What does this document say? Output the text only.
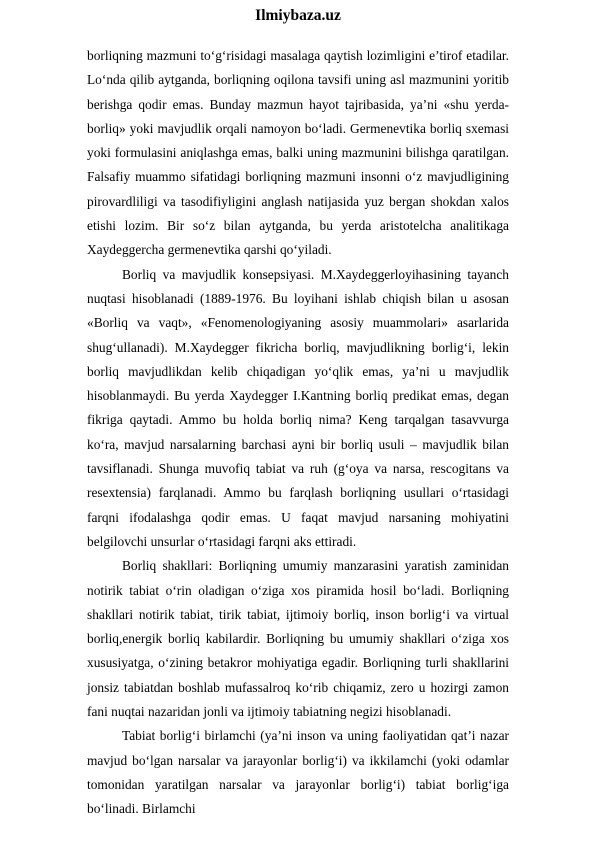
Ilmiybaza.uz

borliqning mazmuni to‘g‘risidagi masalaga qaytish lozimligini e’tirof etadilar. Lo‘nda qilib aytganda, borliqning oqilona tavsifi uning asl mazmunini yoritib berishga qodir emas. Bunday mazmun hayot tajribasida, ya’ni «shu yerda-borliq» yoki mavjudlik orqali namoyon bo‘ladi. Germenevtika borliq sxemasi yoki formulasini aniqlashga emas, balki uning mazmunini bilishga qaratilgan. Falsafiy muammo sifatidagi borliqning mazmuni insonni o‘z mavjudligining pirovardliligi va tasodifiyligini anglash natijasida yuz bergan shokdan xalos etishi lozim. Bir so‘z bilan aytganda, bu yerda aristotelcha analitikaga Xaydeggercha germenevtika qarshi qo‘yiladi.

Borliq va mavjudlik konsepsiyasi. M.Xaydeggerloyihasining tayanch nuqtasi hisoblanadi (1889-1976. Bu loyihani ishlab chiqish bilan u asosan «Borliq va vaqt», «Fenomenologiyaning asosiy muammolari» asarlarida shug‘ullanadi). M.Xaydegger fikricha borliq, mavjudlikning borlig‘i, lekin borliq mavjudlikdan kelib chiqadigan yo‘qlik emas, ya’ni u mavjudlik hisoblanmaydi. Bu yerda Xaydegger I.Kantning borliq predikat emas, degan fikriga qaytadi. Ammo bu holda borliq nima? Keng tarqalgan tasavvurga ko‘ra, mavjud narsalarning barchasi ayni bir borliq usuli – mavjudlik bilan tavsiflanadi. Shunga muvofiq tabiat va ruh (g‘oya va narsa, rescogitans va resextensia) farqlanadi. Ammo bu farqlash borliqning usullari o‘rtasidagi farqni ifodalashga qodir emas. U faqat mavjud narsaning mohiyatini belgilovchi unsurlar o‘rtasidagi farqni aks ettiradi.

Borliq shakllari: Borliqning umumiy manzarasini yaratish zaminidan notirik tabiat o‘rin oladigan o‘ziga xos piramida hosil bo‘ladi. Borliqning shakllari notirik tabiat, tirik tabiat, ijtimoiy borliq, inson borlig‘i va virtual borliq,energik borliq kabilardir. Borliqning bu umumiy shakllari o‘ziga xos xususiyatga, o‘zining betakror mohiyatiga egadir. Borliqning turli shakllarini jonsiz tabiatdan boshlab mufassalroq ko‘rib chiqamiz, zero u hozirgi zamon fani nuqtai nazaridan jonli va ijtimoiy tabiatning negizi hisoblanadi.

Tabiat borlig‘i birlamchi (ya’ni inson va uning faoliyatidan qat’i nazar mavjud bo‘lgan narsalar va jarayonlar borlig‘i) va ikkilamchi (yoki odamlar tomonidan yaratilgan narsalar va jarayonlar borlig‘i) tabiat borlig‘iga bo‘linadi. Birlamchi
